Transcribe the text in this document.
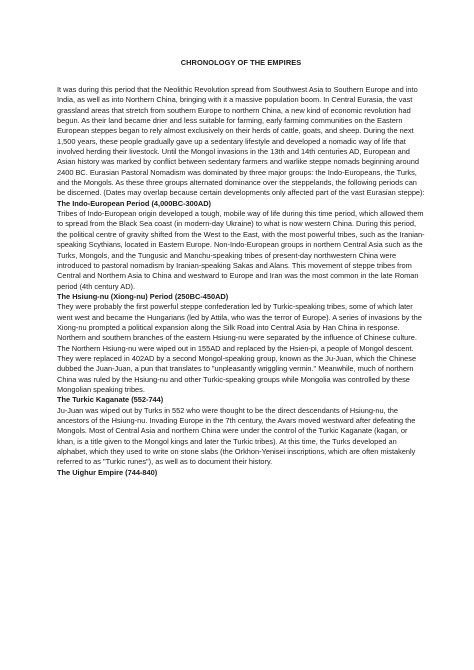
CHRONOLOGY OF THE EMPIRES

It was during this period that the Neolithic Revolution spread from Southwest Asia to Southern Europe and into India, as well as into Northern China, bringing with it a massive population boom. In Central Eurasia, the vast grassland areas that stretch from southern Europe to northern China, a new kind of economic revolution had begun. As their land became drier and less suitable for farming, early farming communities on the Eastern European steppes began to rely almost exclusively on their herds of cattle, goats, and sheep. During the next 1,500 years, these people gradually gave up a sedentary lifestyle and developed a nomadic way of life that involved herding their livestock. Until the Mongol invasions in the 13th and 14th centuries AD, European and Asian history was marked by conflict between sedentary farmers and warlike steppe nomads beginning around 2400 BC. Eurasian Pastoral Nomadism was dominated by three major groups: the Indo-Europeans, the Turks, and the Mongols. As these three groups alternated dominance over the steppelands, the following periods can be discerned. (Dates may overlap because certain developments only affected part of the vast Eurasian steppe):

The Indo-European Period (4,000BC-300AD)

Tribes of Indo-European origin developed a tough, mobile way of life during this time period, which allowed them to spread from the Black Sea coast (in modern-day Ukraine) to what is now western China. During this period, the political centre of gravity shifted from the West to the East, with the most powerful tribes, such as the Iranian-speaking Scythians, located in Eastern Europe. Non-Indo-European groups in northern Central Asia such as the Turks, Mongols, and the Tungusic and Manchu-speaking tribes of present-day northwestern China were introduced to pastoral nomadism by Iranian-speaking Sakas and Alans. This movement of steppe tribes from Central and Northern Asia to China and westward to Europe and Iran was the most common in the late Roman period (4th century AD).

The Hsiung-nu (Xiong-nu) Period (250BC-450AD)

They were probably the first powerful steppe confederation led by Turkic-speaking tribes, some of which later went west and became the Hungarians (led by Attila, who was the terror of Europe). A series of invasions by the Xiong-nu prompted a political expansion along the Silk Road into Central Asia by Han China in response. Northern and southern branches of the eastern Hsiung-nu were separated by the influence of Chinese culture.

The Northern Hsiung-nu were wiped out in 155AD and replaced by the Hsien-pi, a people of Mongol descent. They were replaced in 402AD by a second Mongol-speaking group, known as the Ju-Juan, which the Chinese dubbed the Juan-Juan, a pun that translates to "unpleasantly wriggling vermin." Meanwhile, much of northern China was ruled by the Hsiung-nu and other Turkic-speaking groups while Mongolia was controlled by these Mongolian speaking tribes.

The Turkic Kaganate (552-744)

Ju-Juan was wiped out by Turks in 552 who were thought to be the direct descendants of Hsiung-nu, the ancestors of the Hsiung-nu. Invading Europe in the 7th century, the Avars moved westward after defeating the Mongols. Most of Central Asia and northern China were under the control of the Turkic Kaganate (kagan, or khan, is a title given to the Mongol kings and later the Turkic tribes). At this time, the Turks developed an alphabet, which they used to write on stone slabs (the Orkhon-Yenisei inscriptions, which are often mistakenly referred to as "Turkic runes"), as well as to document their history.

The Uighur Empire (744-840)
